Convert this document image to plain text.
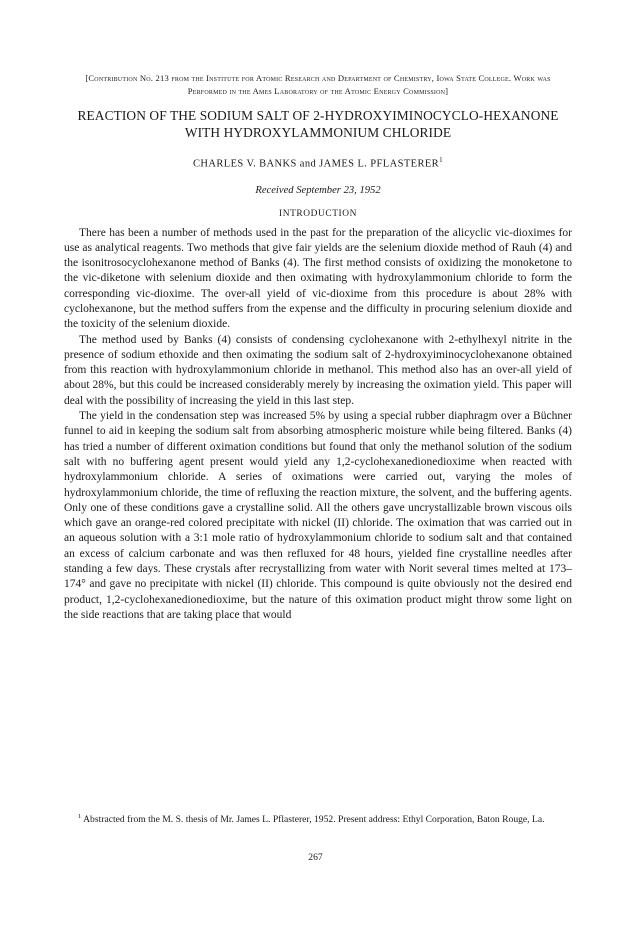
[Contribution No. 213 from the Institute for Atomic Research and Department of Chemistry, Iowa State College. Work was Performed in the Ames Laboratory of the Atomic Energy Commission]
REACTION OF THE SODIUM SALT OF 2-HYDROXYIMINOCYCLO-HEXANONE WITH HYDROXYLAMMONIUM CHLORIDE
CHARLES V. BANKS and JAMES L. PFLASTERER$^1$
Received September 23, 1952
INTRODUCTION

There has been a number of methods used in the past for the preparation of the alicyclic vic-dioximes for use as analytical reagents. Two methods that give fair yields are the selenium dioxide method of Rauh (4) and the isonitrosocyclohexanone method of Banks (4). The first method consists of oxidizing the monoketone to the vic-diketone with selenium dioxide and then oximating with hydroxylammonium chloride to form the corresponding vic-dioxime. The over-all yield of vic-dioxime from this procedure is about 28% with cyclohexanone, but the method suffers from the expense and the difficulty in procuring selenium dioxide and the toxicity of the selenium dioxide.

The method used by Banks (4) consists of condensing cyclohexanone with 2-ethylhexyl nitrite in the presence of sodium ethoxide and then oximating the sodium salt of 2-hydroxyiminocyclohexanone obtained from this reaction with hydroxylammonium chloride in methanol. This method also has an over-all yield of about 28%, but this could be increased considerably merely by increasing the oximation yield. This paper will deal with the possibility of increasing the yield in this last step.

The yield in the condensation step was increased 5% by using a special rubber diaphragm over a Büchner funnel to aid in keeping the sodium salt from absorbing atmospheric moisture while being filtered. Banks (4) has tried a number of different oximation conditions but found that only the methanol solution of the sodium salt with no buffering agent present would yield any 1,2-cyclohexanedionedioxime when reacted with hydroxylammonium chloride. A series of oximations were carried out, varying the moles of hydroxylammonium chloride, the time of refluxing the reaction mixture, the solvent, and the buffering agents. Only one of these conditions gave a crystalline solid. All the others gave uncrystallizable brown viscous oils which gave an orange-red colored precipitate with nickel (II) chloride. The oximation that was carried out in an aqueous solution with a 3:1 mole ratio of hydroxylammonium chloride to sodium salt and that contained an excess of calcium carbonate and was then refluxed for 48 hours, yielded fine crystalline needles after standing a few days. These crystals after recrystallizing from water with Norit several times melted at 173–174° and gave no precipitate with nickel (II) chloride. This compound is quite obviously not the desired end product, 1,2-cyclohexanedionedioxime, but the nature of this oximation product might throw some light on the side reactions that are taking place that would

$^1$ Abstracted from the M. S. thesis of Mr. James L. Pflasterer, 1952. Present address: Ethyl Corporation, Baton Rouge, La.

267
